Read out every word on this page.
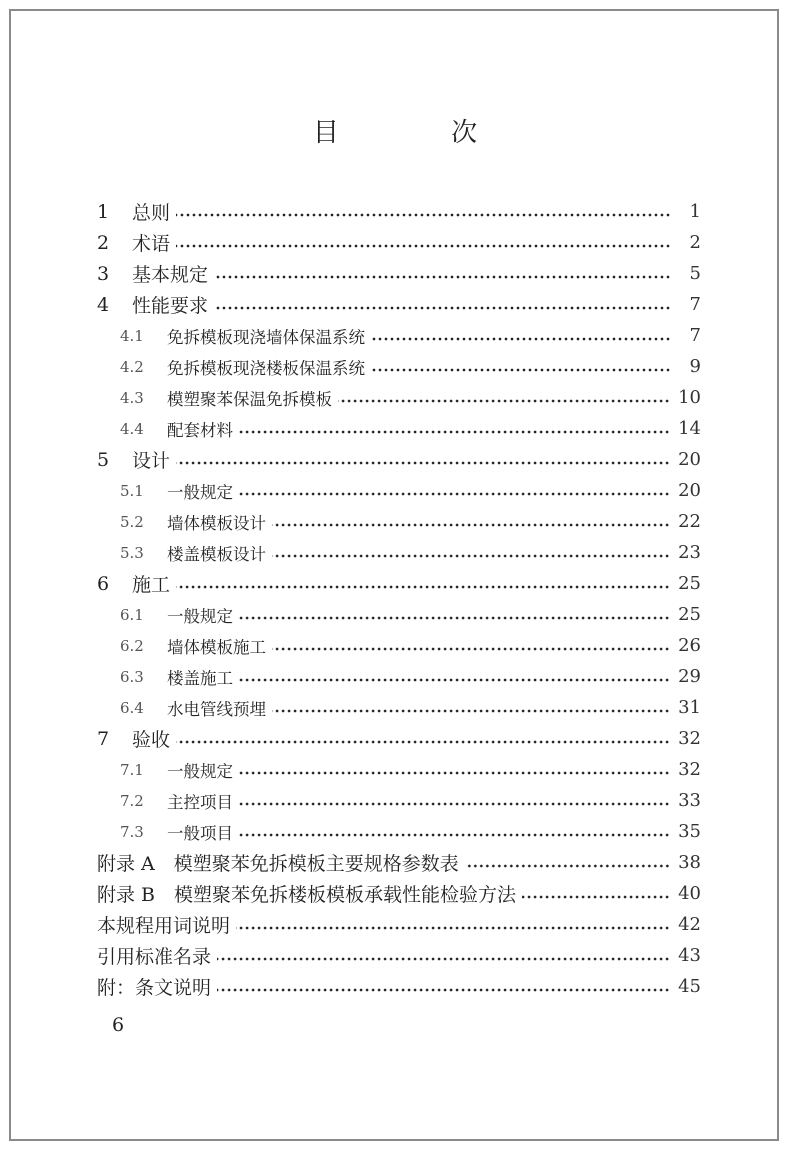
目 次
1	总则	1
2	术语	2
3	基本规定	5
4	性能要求	7
4.1	免拆模板现浇墙体保温系统	7
4.2	免拆模板现浇楼板保温系统	9
4.3	模塑聚苯保温免拆模板	10
4.4	配套材料	14
5	设计	20
5.1	一般规定	20
5.2	墙体模板设计	22
5.3	楼盖模板设计	23
6	施工	25
6.1	一般规定	25
6.2	墙体模板施工	26
6.3	楼盖施工	29
6.4	水电管线预埋	31
7	验收	32
7.1	一般规定	32
7.2	主控项目	33
7.3	一般项目	35
附录 A　模塑聚苯免拆模板主要规格参数表	38
附录 B　模塑聚苯免拆楼板模板承载性能检验方法	40
本规程用词说明	42
引用标准名录	43
附：条文说明	45
6
